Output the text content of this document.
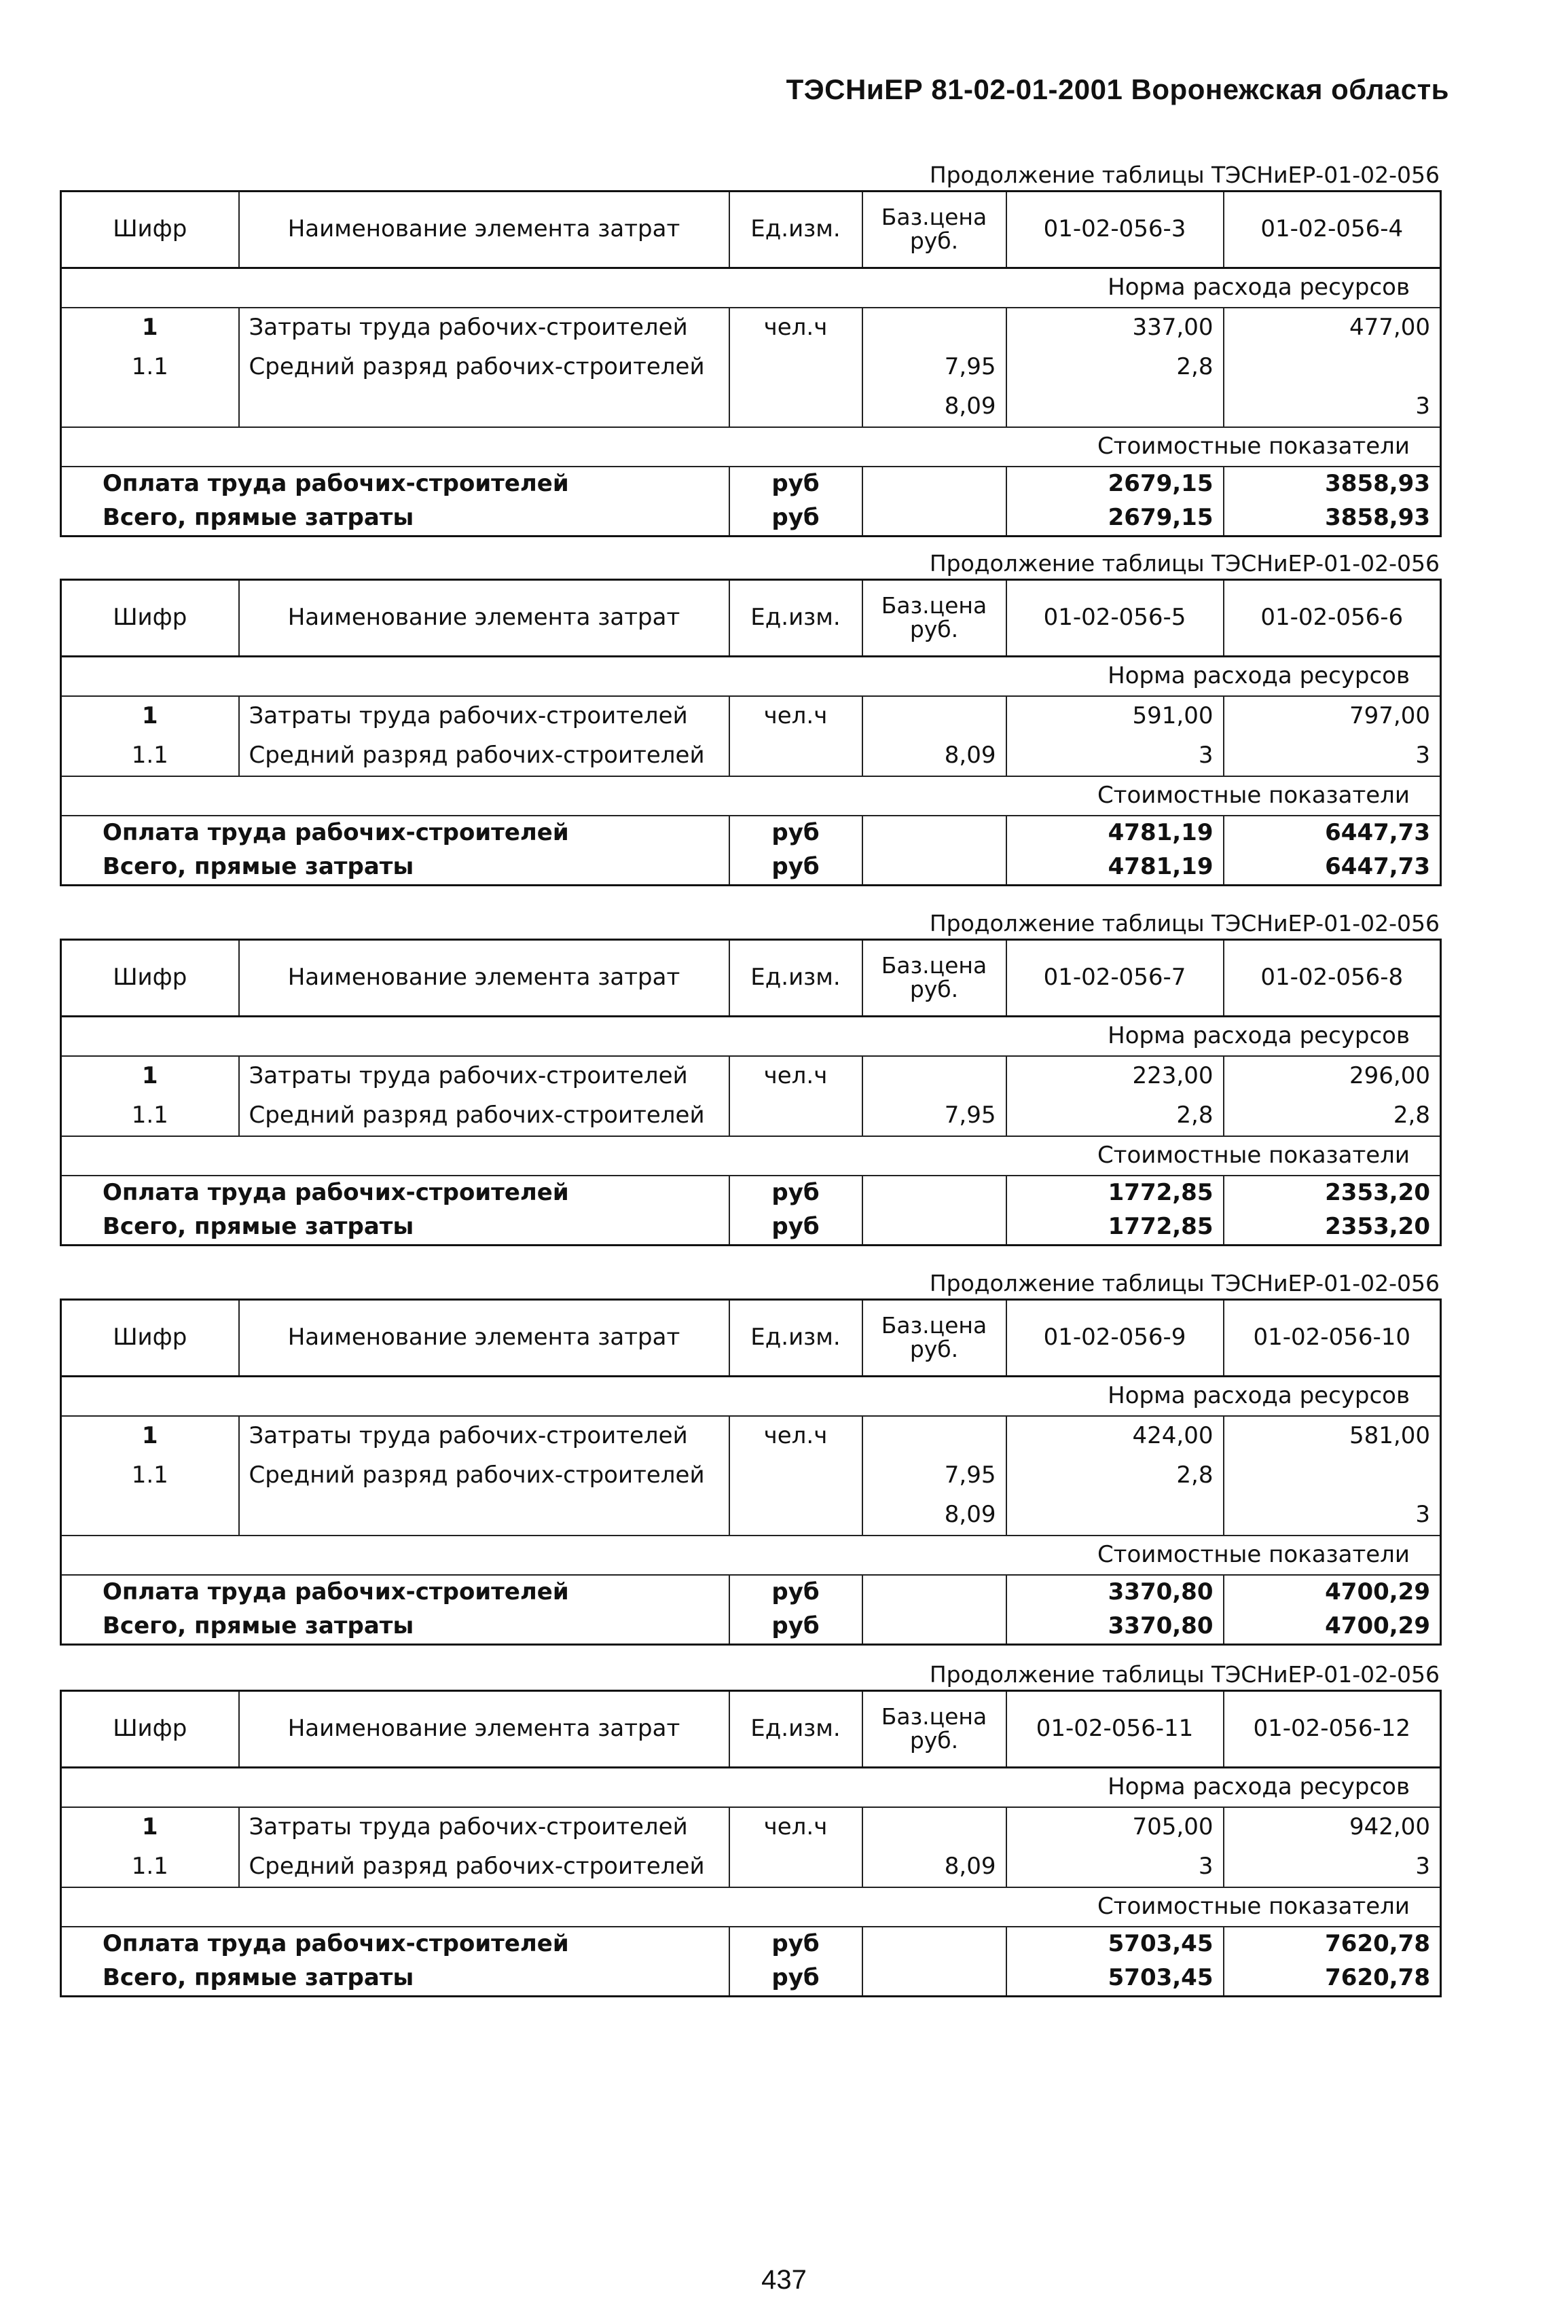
ТЭСНиЕР 81-02-01-2001 Воронежская область
Продолжение таблицы ТЭСНиЕР-01-02-056
Шифр	Наименование элемента затрат	Ед.изм.	Баз.цена руб.	01-02-056-3	01-02-056-4
Норма расхода ресурсов					
1	Затраты труда рабочих-строителей	чел.ч		337,00	477,00
1.1	Средний разряд рабочих-строителей		7,95	2,8	
			8,09		3
Стоимостные показатели					
Оплата труда рабочих-строителей		руб		2679,15	3858,93
Всего, прямые затраты		руб		2679,15	3858,93
Продолжение таблицы ТЭСНиЕР-01-02-056
Шифр	Наименование элемента затрат	Ед.изм.	Баз.цена руб.	01-02-056-5	01-02-056-6
Норма расхода ресурсов					
1	Затраты труда рабочих-строителей	чел.ч		591,00	797,00
1.1	Средний разряд рабочих-строителей		8,09	3	3
Стоимостные показатели					
Оплата труда рабочих-строителей		руб		4781,19	6447,73
Всего, прямые затраты		руб		4781,19	6447,73
Продолжение таблицы ТЭСНиЕР-01-02-056
Шифр	Наименование элемента затрат	Ед.изм.	Баз.цена руб.	01-02-056-7	01-02-056-8
Норма расхода ресурсов					
1	Затраты труда рабочих-строителей	чел.ч		223,00	296,00
1.1	Средний разряд рабочих-строителей		7,95	2,8	2,8
Стоимостные показатели					
Оплата труда рабочих-строителей		руб		1772,85	2353,20
Всего, прямые затраты		руб		1772,85	2353,20
Продолжение таблицы ТЭСНиЕР-01-02-056
Шифр	Наименование элемента затрат	Ед.изм.	Баз.цена руб.	01-02-056-9	01-02-056-10
Норма расхода ресурсов					
1	Затраты труда рабочих-строителей	чел.ч		424,00	581,00
1.1	Средний разряд рабочих-строителей		7,95	2,8	
			8,09		3
Стоимостные показатели					
Оплата труда рабочих-строителей		руб		3370,80	4700,29
Всего, прямые затраты		руб		3370,80	4700,29
Продолжение таблицы ТЭСНиЕР-01-02-056
Шифр	Наименование элемента затрат	Ед.изм.	Баз.цена руб.	01-02-056-11	01-02-056-12
Норма расхода ресурсов					
1	Затраты труда рабочих-строителей	чел.ч		705,00	942,00
1.1	Средний разряд рабочих-строителей		8,09	3	3
Стоимостные показатели					
Оплата труда рабочих-строителей		руб		5703,45	7620,78
Всего, прямые затраты		руб		5703,45	7620,78
437
